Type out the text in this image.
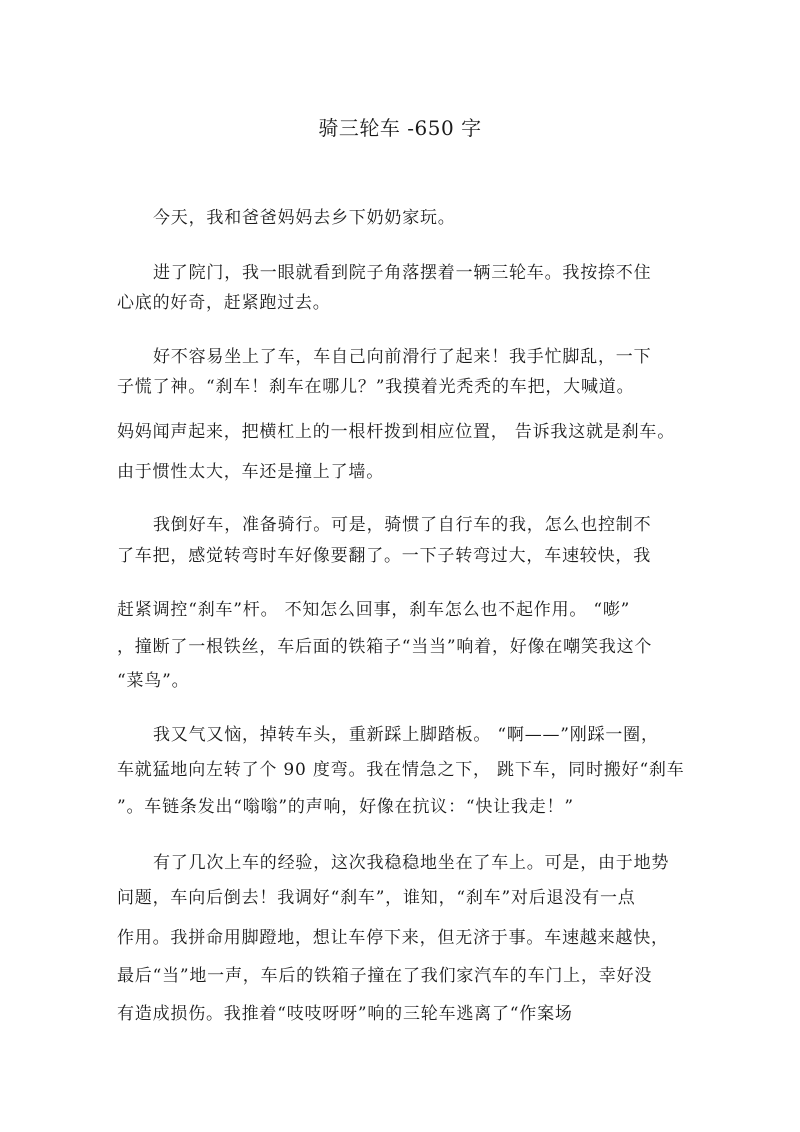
骑三轮车 -650 字
今天，我和爸爸妈妈去乡下奶奶家玩。
进了院门，我一眼就看到院子角落摆着一辆三轮车。我按捺不住
心底的好奇，赶紧跑过去。
好不容易坐上了车，车自己向前滑行了起来！我手忙脚乱，一下
子慌了神。“刹车！刹车在哪儿？”我摸着光秃秃的车把，大喊道。
妈妈闻声起来，把横杠上的一根杆拨到相应位置， 告诉我这就是刹车。
由于惯性太大，车还是撞上了墙。
我倒好车，准备骑行。可是，骑惯了自行车的我，怎么也控制不
了车把，感觉转弯时车好像要翻了。一下子转弯过大，车速较快，我
赶紧调控“刹车”杆。 不知怎么回事，刹车怎么也不起作用。 “嘭”
，撞断了一根铁丝，车后面的铁箱子“当当”响着，好像在嘲笑我这个
“菜鸟”。
我又气又恼，掉转车头，重新踩上脚踏板。 “啊——”刚踩一圈，
车就猛地向左转了个 90 度弯。我在情急之下， 跳下车，同时搬好“刹车
”。车链条发出“嗡嗡”的声响，好像在抗议：“快让我走！”
有了几次上车的经验，这次我稳稳地坐在了车上。可是，由于地势
问题，车向后倒去！我调好“刹车”，谁知，“刹车”对后退没有一点
作用。我拼命用脚蹬地，想让车停下来，但无济于事。车速越来越快，
最后“当”地一声，车后的铁箱子撞在了我们家汽车的车门上，幸好没
有造成损伤。我推着“吱吱呀呀”响的三轮车逃离了“作案场
